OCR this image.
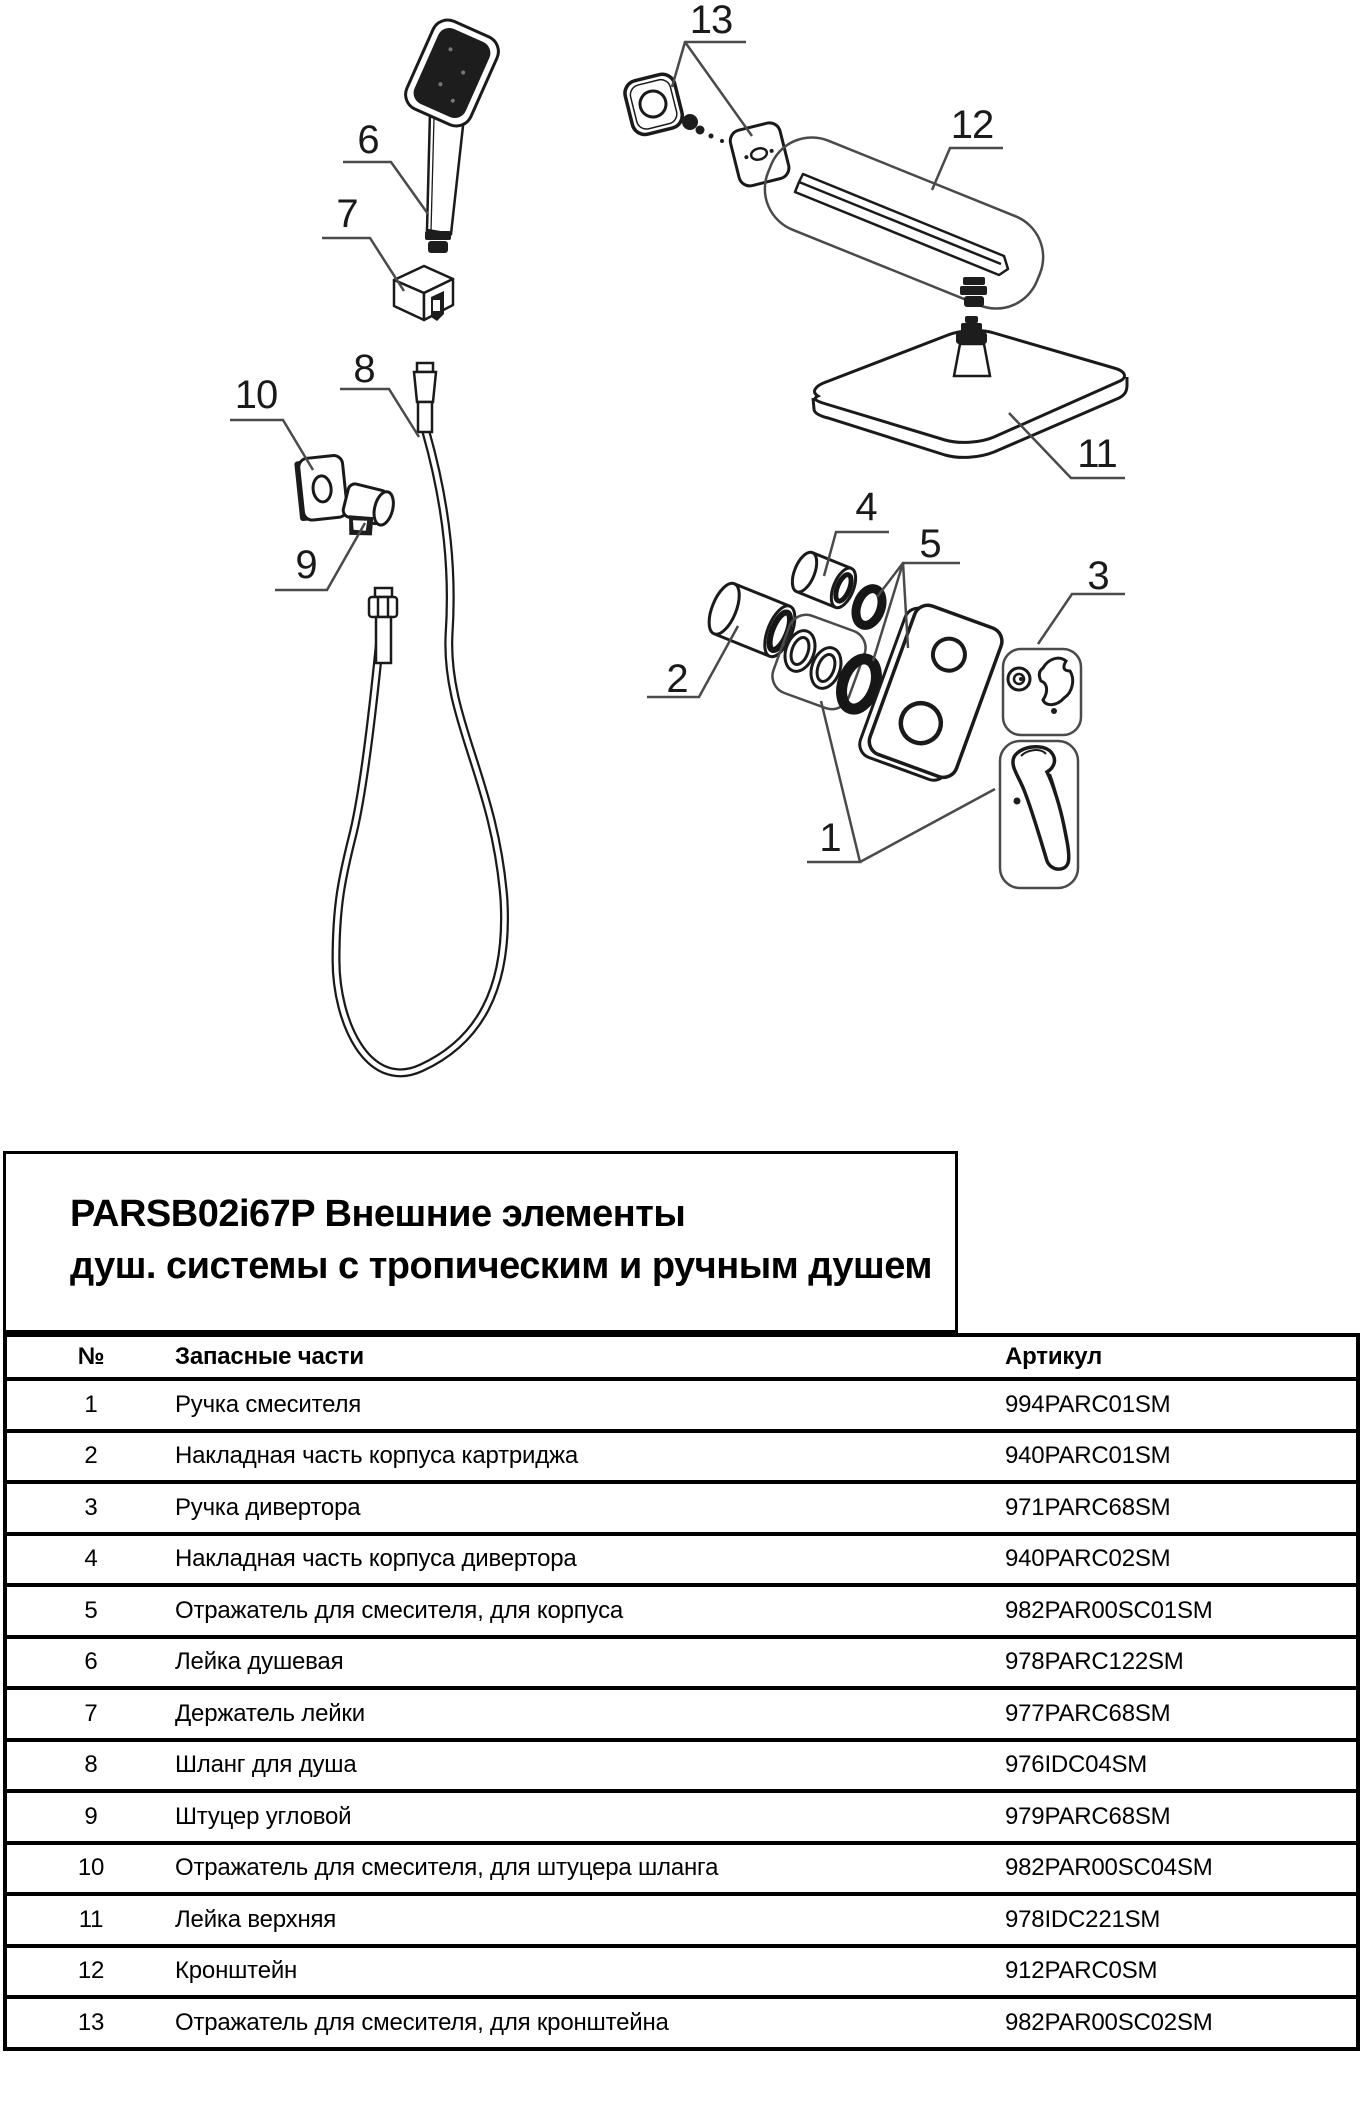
1
2
3
4
5
6
7
8
9
10
11
12
13
PARSB02i67P Внешние элементы
душ. системы с тропическим и ручным душем
№	Запасные части	Артикул
1	Ручка смесителя	994PARC01SM
2	Накладная часть корпуса картриджа	940PARC01SM
3	Ручка дивертора	971PARC68SM
4	Накладная часть корпуса дивертора	940PARC02SM
5	Отражатель для смесителя, для корпуса	982PAR00SC01SM
6	Лейка душевая	978PARC122SM
7	Держатель лейки	977PARC68SM
8	Шланг для душа	976IDC04SM
9	Штуцер угловой	979PARC68SM
10	Отражатель для смесителя, для штуцера шланга	982PAR00SC04SM
11	Лейка верхняя	978IDC221SM
12	Кронштейн	912PARC0SM
13	Отражатель для смесителя, для кронштейна	982PAR00SC02SM
